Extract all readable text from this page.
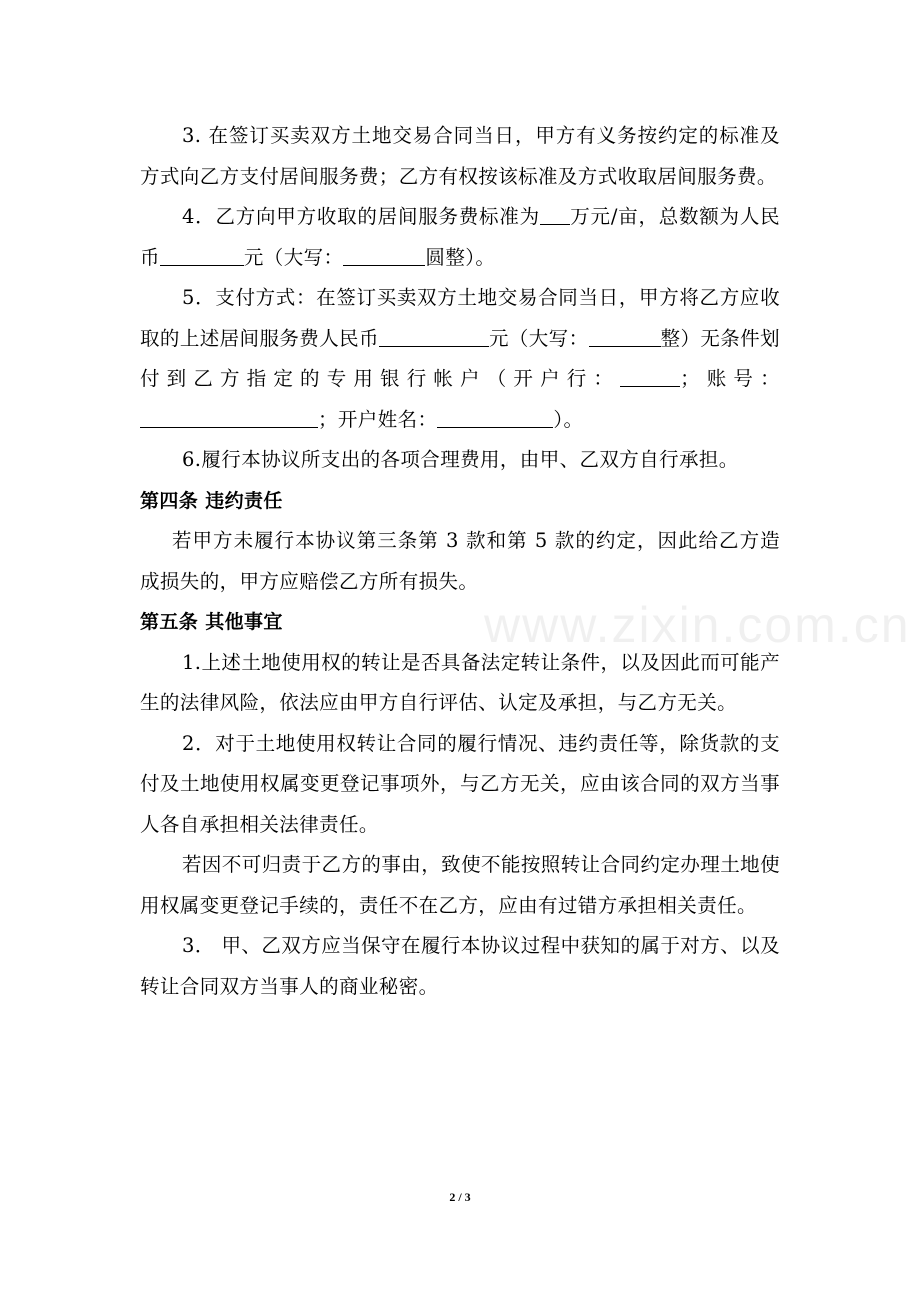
www.zixin.com.cn

3. 在签订买卖双方土地交易合同当日，甲方有义务按约定的标准及方式向乙方支付居间服务费；乙方有权按该标准及方式收取居间服务费。

4．乙方向甲方收取的居间服务费标准为 万元/亩，总数额为人民币	元（大写：	圆整）。

5．支付方式：在签订买卖双方土地交易合同当日，甲方将乙方应收取的上述居间服务费人民币	元（大写：	整）无条件划付到乙方指定的专用银行帐户（开户行：	；账号：；开户姓名：	）。

6.履行本协议所支出的各项合理费用，由甲、乙双方自行承担。

第四条 违约责任

若甲方未履行本协议第三条第 3 款和第 5 款的约定，因此给乙方造成损失的，甲方应赔偿乙方所有损失。

第五条 其他事宜

1.上述土地使用权的转让是否具备法定转让条件，以及因此而可能产生的法律风险，依法应由甲方自行评估、认定及承担，与乙方无关。

2．对于土地使用权转让合同的履行情况、违约责任等，除货款的支付及土地使用权属变更登记事项外，与乙方无关，应由该合同的双方当事人各自承担相关法律责任。

若因不可归责于乙方的事由，致使不能按照转让合同约定办理土地使用权属变更登记手续的，责任不在乙方，应由有过错方承担相关责任。

3． 甲、乙双方应当保守在履行本协议过程中获知的属于对方、以及转让合同双方当事人的商业秘密。

2 / 3
